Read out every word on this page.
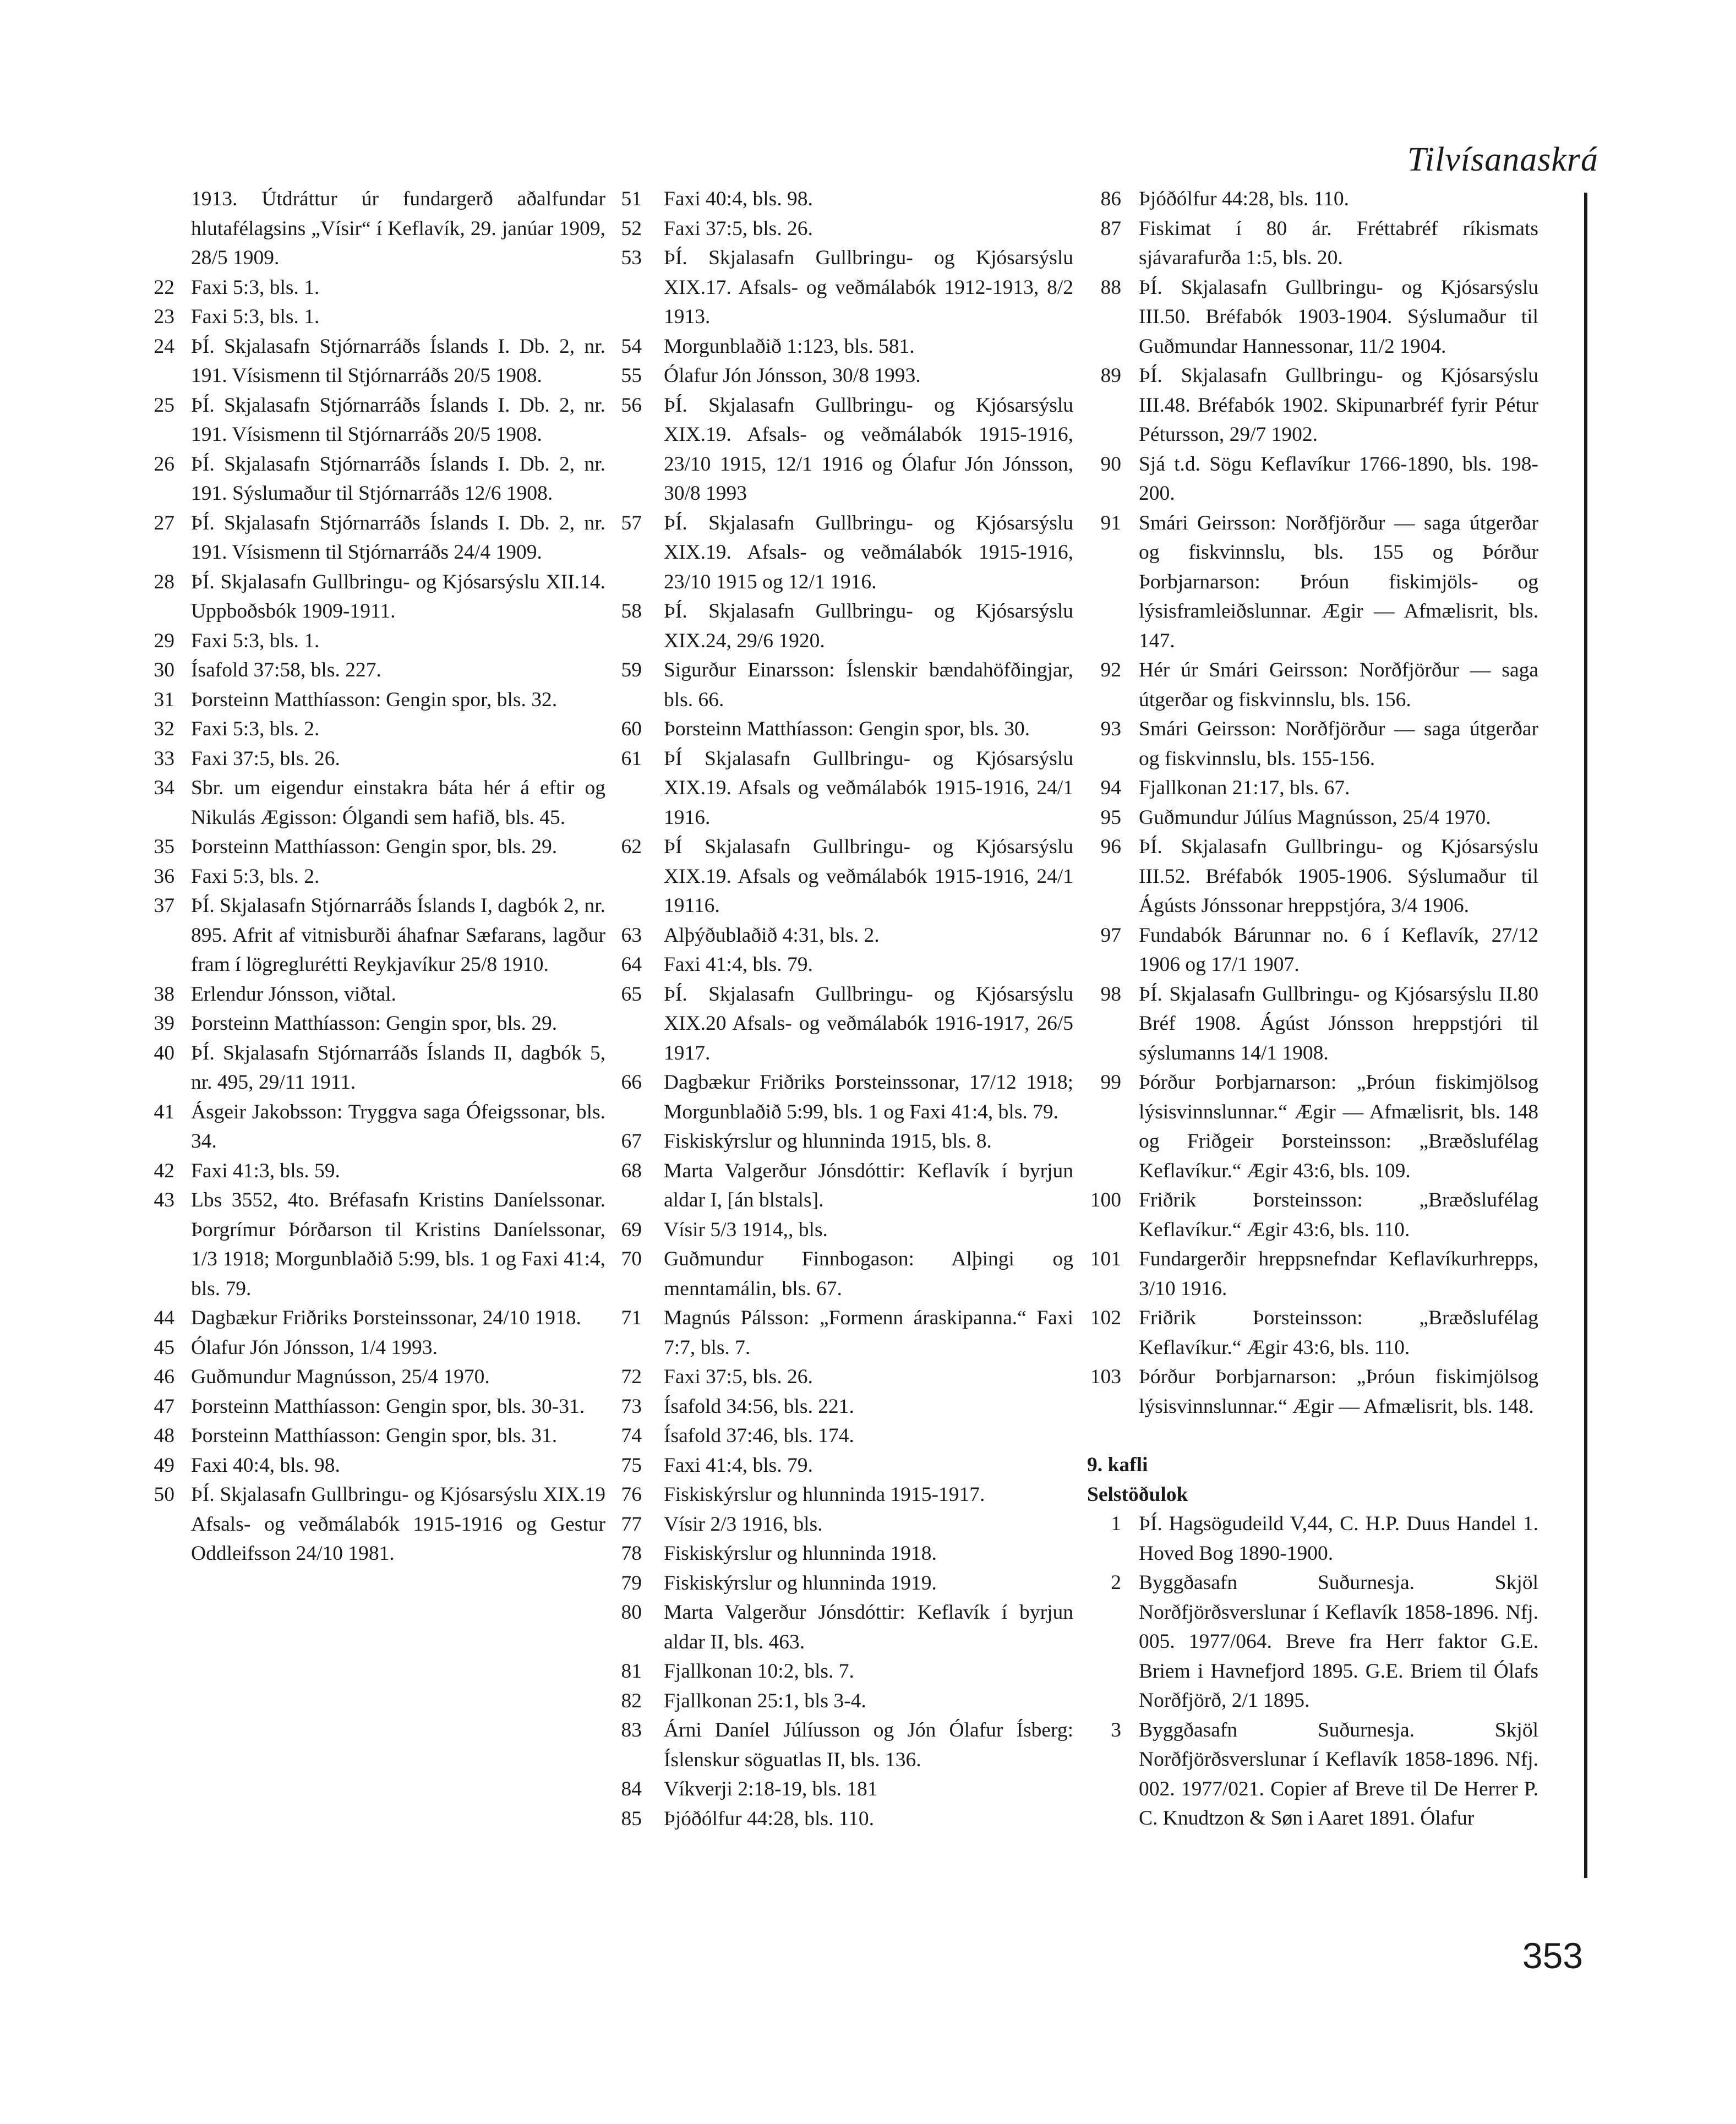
Tilvísanaskrá
1913. Útdráttur úr fundargerð aðalfundar hlutafélagsins „Vísir“ í Keflavík, 29. janúar 1909, 28/5 1909.
22 Faxi 5:3, bls. 1.
23 Faxi 5:3, bls. 1.
24 ÞÍ. Skjalasafn Stjórnarráðs Íslands I. Db. 2, nr. 191. Vísismenn til Stjórnarráðs 20/5 1908.
25 ÞÍ. Skjalasafn Stjórnarráðs Íslands I. Db. 2, nr. 191. Vísismenn til Stjórnarráðs 20/5 1908.
26 ÞÍ. Skjalasafn Stjórnarráðs Íslands I. Db. 2, nr. 191. Sýslumaður til Stjórnarráðs 12/6 1908.
27 ÞÍ. Skjalasafn Stjórnarráðs Íslands I. Db. 2, nr. 191. Vísismenn til Stjórnarráðs 24/4 1909.
28 ÞÍ. Skjalasafn Gullbringu- og Kjósarsýslu XII.14. Uppboðsbók 1909-1911.
29 Faxi 5:3, bls. 1.
30 Ísafold 37:58, bls. 227.
31 Þorsteinn Matthíasson: Gengin spor, bls. 32.
32 Faxi 5:3, bls. 2.
33 Faxi 37:5, bls. 26.
34 Sbr. um eigendur einstakra báta hér á eftir og Nikulás Ægisson: Ólgandi sem hafið, bls. 45.
35 Þorsteinn Matthíasson: Gengin spor, bls. 29.
36 Faxi 5:3, bls. 2.
37 ÞÍ. Skjalasafn Stjórnarráðs Íslands I, dagbók 2, nr. 895. Afrit af vitnisburði áhafnar Sæfarans, lagður fram í lögreglurétti Reykjavíkur 25/8 1910.
38 Erlendur Jónsson, viðtal.
39 Þorsteinn Matthíasson: Gengin spor, bls. 29.
40 ÞÍ. Skjalasafn Stjórnarráðs Íslands II, dagbók 5, nr. 495, 29/11 1911.
41 Ásgeir Jakobsson: Tryggva saga Ófeigssonar, bls. 34.
42 Faxi 41:3, bls. 59.
43 Lbs 3552, 4to. Bréfasafn Kristins Daníelssonar. Þorgrímur Þórðarson til Kristins Daníelssonar, 1/3 1918; Morgunblaðið 5:99, bls. 1 og Faxi 41:4, bls. 79.
44 Dagbækur Friðriks Þorsteinssonar, 24/10 1918.
45 Ólafur Jón Jónsson, 1/4 1993.
46 Guðmundur Magnússon, 25/4 1970.
47 Þorsteinn Matthíasson: Gengin spor, bls. 30-31.
48 Þorsteinn Matthíasson: Gengin spor, bls. 31.
49 Faxi 40:4, bls. 98.
50 ÞÍ. Skjalasafn Gullbringu- og Kjósarsýslu XIX.19 Afsals- og veðmálabók 1915-1916 og Gestur Oddleifsson 24/10 1981.
51 Faxi 40:4, bls. 98.
52 Faxi 37:5, bls. 26.
53 ÞÍ. Skjalasafn Gullbringu- og Kjósarsýslu XIX.17. Afsals- og veðmálabók 1912-1913, 8/2 1913.
54 Morgunblaðið 1:123, bls. 581.
55 Ólafur Jón Jónsson, 30/8 1993.
56 ÞÍ. Skjalasafn Gullbringu- og Kjósarsýslu XIX.19. Afsals- og veðmálabók 1915-1916, 23/10 1915, 12/1 1916 og Ólafur Jón Jónsson, 30/8 1993
57 ÞÍ. Skjalasafn Gullbringu- og Kjósarsýslu XIX.19. Afsals- og veðmálabók 1915-1916, 23/10 1915 og 12/1 1916.
58 ÞÍ. Skjalasafn Gullbringu- og Kjósarsýslu XIX.24, 29/6 1920.
59 Sigurður Einarsson: Íslenskir bændahöfðingjar, bls. 66.
60 Þorsteinn Matthíasson: Gengin spor, bls. 30.
61 ÞÍ Skjalasafn Gullbringu- og Kjósarsýslu XIX.19. Afsals og veðmálabók 1915-1916, 24/1 1916.
62 ÞÍ Skjalasafn Gullbringu- og Kjósarsýslu XIX.19. Afsals og veðmálabók 1915-1916, 24/1 19116.
63 Alþýðublaðið 4:31, bls. 2.
64 Faxi 41:4, bls. 79.
65 ÞÍ. Skjalasafn Gullbringu- og Kjósarsýslu XIX.20 Afsals- og veðmálabók 1916-1917, 26/5 1917.
66 Dagbækur Friðriks Þorsteinssonar, 17/12 1918; Morgunblaðið 5:99, bls. 1 og Faxi 41:4, bls. 79.
67 Fiskiskýrslur og hlunninda 1915, bls. 8.
68 Marta Valgerður Jónsdóttir: Keflavík í byrjun aldar I, [án blstals].
69 Vísir 5/3 1914,, bls.
70 Guðmundur Finnbogason: Alþingi og menntamálin, bls. 67.
71 Magnús Pálsson: „Formenn áraskipanna.“ Faxi 7:7, bls. 7.
72 Faxi 37:5, bls. 26.
73 Ísafold 34:56, bls. 221.
74 Ísafold 37:46, bls. 174.
75 Faxi 41:4, bls. 79.
76 Fiskiskýrslur og hlunninda 1915-1917.
77 Vísir 2/3 1916, bls.
78 Fiskiskýrslur og hlunninda 1918.
79 Fiskiskýrslur og hlunninda 1919.
80 Marta Valgerður Jónsdóttir: Keflavík í byrjun aldar II, bls. 463.
81 Fjallkonan 10:2, bls. 7.
82 Fjallkonan 25:1, bls 3-4.
83 Árni Daníel Júlíusson og Jón Ólafur Ísberg: Íslenskur söguatlas II, bls. 136.
84 Víkverji 2:18-19, bls. 181
85 Þjóðólfur 44:28, bls. 110.
86 Þjóðólfur 44:28, bls. 110.
87 Fiskimat í 80 ár. Fréttabréf ríkismats sjávarafurða 1:5, bls. 20.
88 ÞÍ. Skjalasafn Gullbringu- og Kjósarsýslu III.50. Bréfabók 1903-1904. Sýslumaður til Guðmundar Hannessonar, 11/2 1904.
89 ÞÍ. Skjalasafn Gullbringu- og Kjósarsýslu III.48. Bréfabók 1902. Skipunarbréf fyrir Pétur Pétursson, 29/7 1902.
90 Sjá t.d. Sögu Keflavíkur 1766-1890, bls. 198-200.
91 Smári Geirsson: Norðfjörður — saga útgerðar og fiskvinnslu, bls. 155 og Þórður Þorbjarnarson: Þróun fiskimjöls- og lýsisframleiðslunnar. Ægir — Afmælisrit, bls. 147.
92 Hér úr Smári Geirsson: Norðfjörður — saga útgerðar og fiskvinnslu, bls. 156.
93 Smári Geirsson: Norðfjörður — saga útgerðar og fiskvinnslu, bls. 155-156.
94 Fjallkonan 21:17, bls. 67.
95 Guðmundur Júlíus Magnússon, 25/4 1970.
96 ÞÍ. Skjalasafn Gullbringu- og Kjósarsýslu III.52. Bréfabók 1905-1906. Sýslumaður til Ágústs Jónssonar hreppstjóra, 3/4 1906.
97 Fundabók Bárunnar no. 6 í Keflavík, 27/12 1906 og 17/1 1907.
98 ÞÍ. Skjalasafn Gullbringu- og Kjósarsýslu II.80 Bréf 1908. Ágúst Jónsson hreppstjóri til sýslumanns 14/1 1908.
99 Þórður Þorbjarnarson: „Þróun fiskimjölsog lýsisvinnslunnar.“ Ægir — Afmælisrit, bls. 148 og Friðgeir Þorsteinsson: „Bræðslufélag Keflavíkur.“ Ægir 43:6, bls. 109.
100 Friðrik Þorsteinsson: „Bræðslufélag Keflavíkur.“ Ægir 43:6, bls. 110.
101 Fundargerðir hreppsnefndar Keflavíkurhrepps, 3/10 1916.
102 Friðrik Þorsteinsson: „Bræðslufélag Keflavíkur.“ Ægir 43:6, bls. 110.
103 Þórður Þorbjarnarson: „Þróun fiskimjölsog lýsisvinnslunnar.“ Ægir — Afmælisrit, bls. 148.
9. kafli
Selstöðulok
1 ÞÍ. Hagsögudeild V,44, C. H.P. Duus Handel 1. Hoved Bog 1890-1900.
2 Byggðasafn Suðurnesja. Skjöl Norðfjörðsverslunar í Keflavík 1858-1896. Nfj. 005. 1977/064. Breve fra Herr faktor G.E. Briem i Havnefjord 1895. G.E. Briem til Ólafs Norðfjörð, 2/1 1895.
3 Byggðasafn Suðurnesja. Skjöl Norðfjörðsverslunar í Keflavík 1858-1896. Nfj. 002. 1977/021. Copier af Breve til De Herrer P. C. Knudtzon & Søn i Aaret 1891. Ólafur
353
